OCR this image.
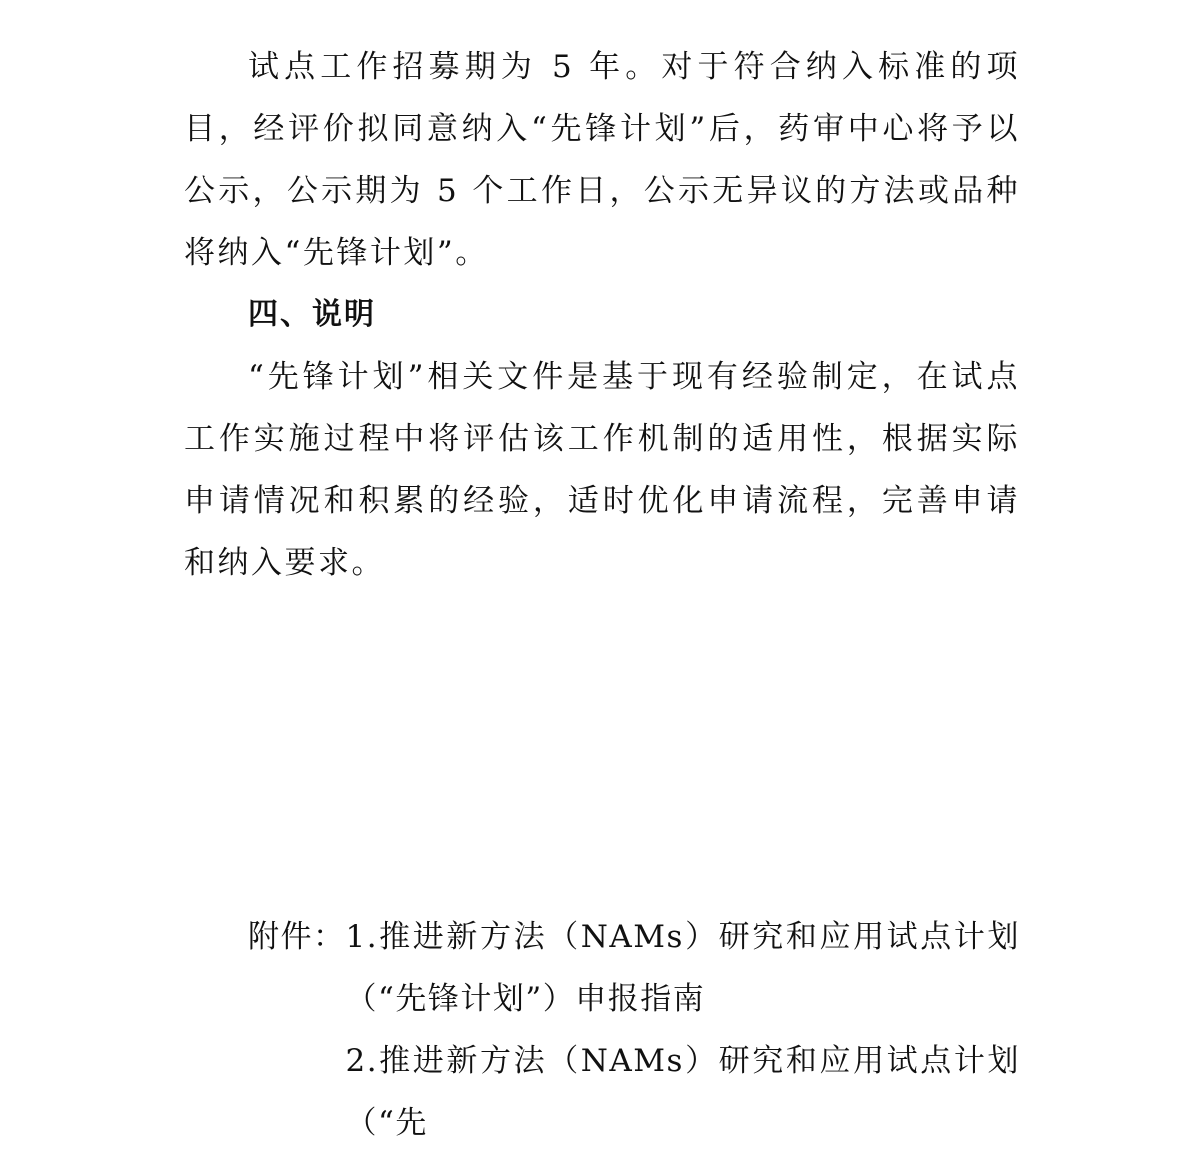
试点工作招募期为 5 年。对于符合纳入标准的项目，经评价拟同意纳入“先锋计划”后，药审中心将予以公示，公示期为 5 个工作日，公示无异议的方法或品种将纳入“先锋计划”。

四、说明

“先锋计划”相关文件是基于现有经验制定，在试点工作实施过程中将评估该工作机制的适用性，根据实际申请情况和积累的经验，适时优化申请流程，完善申请和纳入要求。

附件： 1.推进新方法（NAMs）研究和应用试点计划（“先锋计划”）申报指南
2.推进新方法（NAMs）研究和应用试点计划（“先
